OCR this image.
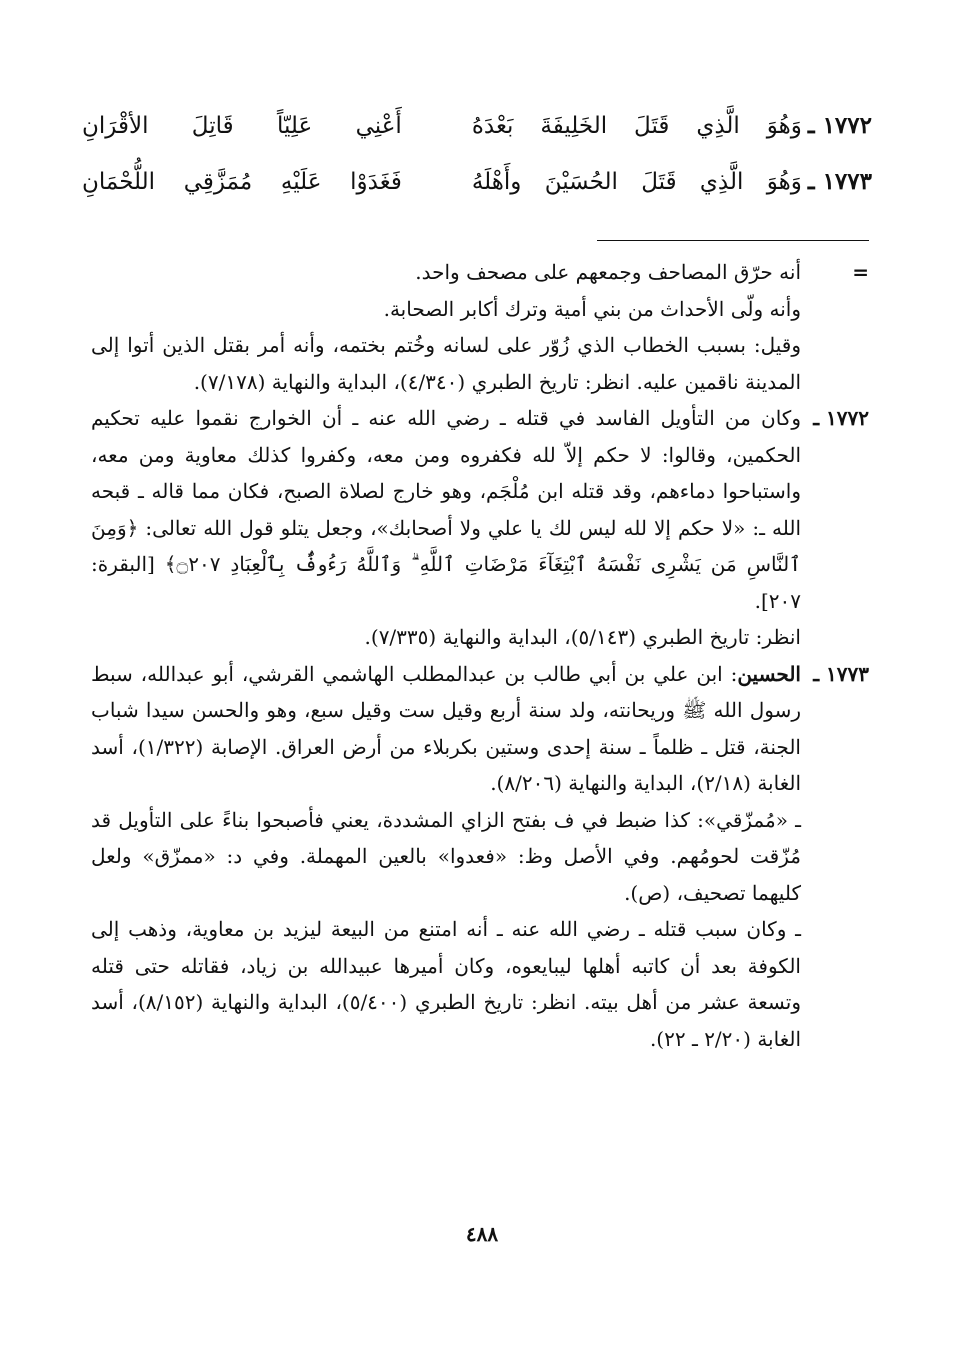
١٧٧٢ ـ
وَهُوَ الَّذِي قَتَلَ الخَلِيفَةَ بَعْدَهُ
أَعْنِي عَلِيّاً قَاتِلَ الأقْرَانِ
١٧٧٣ ـ
وَهُوَ الَّذِي قَتَلَ الحُسَيْنَ وأَهْلَهُ
فَغَدَوْا عَلَيْهِ مُمَزَّقِي اللُّحْمَانِ
=

أنه حرّق المصاحف وجمعهم على مصحف واحد.

وأنه ولّى الأحداث من بني أمية وترك أكابر الصحابة.

وقيل: بسبب الخطاب الذي زُوّر على لسانه وخُتم بختمه، وأنه أمر بقتل الذين أتوا إلى المدينة ناقمين عليه. انظر: تاريخ الطبري (٤/٣٤٠)، البداية والنهاية (٧/١٧٨).

١٧٧٢ ـ

وكان من التأويل الفاسد في قتله ـ رضي الله عنه ـ أن الخوارج نقموا عليه تحكيم الحكمين، وقالوا: لا حكم إلاّ لله فكفروه ومن معه، وكفروا كذلك معاوية ومن معه، واستباحوا دماءهم، وقد قتله ابن مُلْجَم، وهو خارج لصلاة الصبح، فكان مما قاله ـ قبحه الله ـ: «لا حكم إلا لله ليس لك يا علي ولا أصحابك»، وجعل يتلو قول الله تعالى: ﴿وَمِنَ ٱلنَّاسِ مَن يَشْرِى نَفْسَهُ ٱبْتِغَآءَ مَرْضَاتِ ٱللَّهِ ۗ وَٱللَّهُ رَءُوفٌۢ بِٱلْعِبَادِ ۝٢٠٧﴾ [البقرة: ٢٠٧].

انظر: تاريخ الطبري (٥/١٤٣)، البداية والنهاية (٧/٣٣٥).

١٧٧٣ ـ

الحسين: ابن علي بن أبي طالب بن عبدالمطلب الهاشمي القرشي، أبو عبدالله، سبط رسول الله ﷺ وريحانته، ولد سنة أربع وقيل ست وقيل سبع، وهو والحسن سيدا شباب الجنة، قتل ـ ظلماً ـ سنة إحدى وستين بكربلاء من أرض العراق. الإصابة (١/٣٢٢)، أسد الغابة (٢/١٨)، البداية والنهاية (٨/٢٠٦).

ـ «مُمزّقي»: كذا ضبط في ف بفتح الزاي المشددة، يعني فأصبحوا بناءً على التأويل قد مُزّقت لحومُهم. وفي الأصل وظ: «فعدوا» بالعين المهملة. وفي د: «ممزّق» ولعل كليهما تصحيف، (ص).

ـ وكان سبب قتله ـ رضي الله عنه ـ أنه امتنع من البيعة ليزيد بن معاوية، وذهب إلى الكوفة بعد أن كاتبه أهلها ليبايعوه، وكان أميرها عبيدالله بن زياد، فقاتله حتى قتله وتسعة عشر من أهل بيته. انظر: تاريخ الطبري (٥/٤٠٠)، البداية والنهاية (٨/١٥٢)، أسد الغابة (٢/٢٠ ـ ٢٢).

٤٨٨
